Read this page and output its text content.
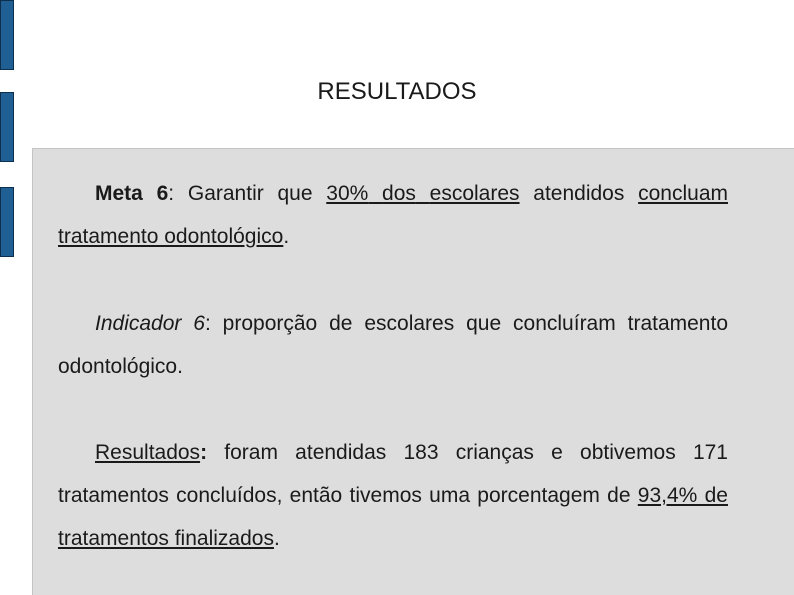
RESULTADOS

Meta 6: Garantir que 30% dos escolares atendidos concluam tratamento odontológico.

Indicador 6: proporção de escolares que concluíram tratamento odontológico.

Resultados: foram atendidas 183 crianças e obtivemos 171 tratamentos concluídos, então tivemos uma porcentagem de 93,4% de tratamentos finalizados.
